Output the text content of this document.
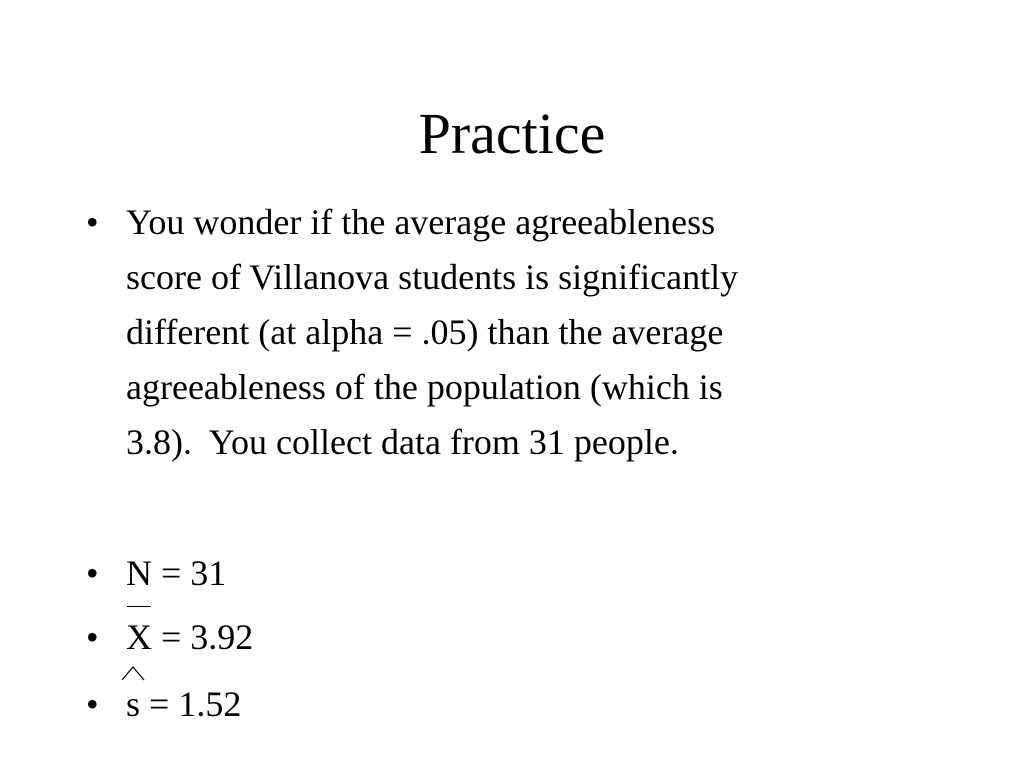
Practice
• You wonder if the average agreeableness
score of Villanova students is significantly
different (at alpha = .05) than the average
agreeableness of the population (which is
3.8).  You collect data from 31 people.
• N = 31
• X = 3.92
• s = 1.52
